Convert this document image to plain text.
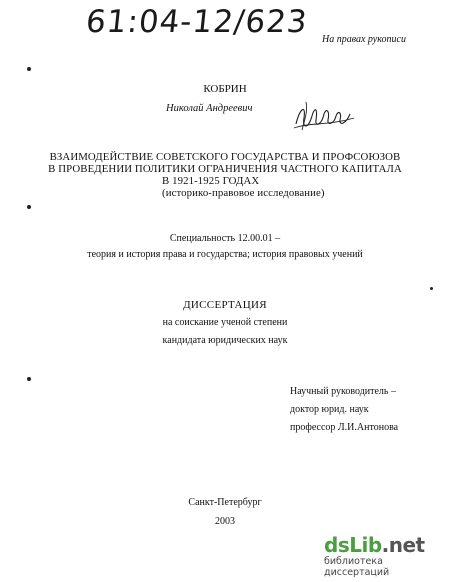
61:04-12/623 На правах рукописи
КОБРИН
Николай Андреевич
ВЗАИМОДЕЙСТВИЕ СОВЕТСКОГО ГОСУДАРСТВА И ПРОФСОЮЗОВ
В ПРОВЕДЕНИИ ПОЛИТИКИ ОГРАНИЧЕНИЯ ЧАСТНОГО КАПИТАЛА
В 1921-1925 ГОДАХ
(историко-правовое исследование)
Специальность 12.00.01 –
теория и история права и государства; история правовых учений
ДИССЕРТАЦИЯ
на соискание ученой степени
кандидата юридических наук
Научный руководитель –
доктор юрид. наук
профессор Л.И.Антонова
Санкт-Петербург
2003
dsLib.net
библиотека диссертаций
